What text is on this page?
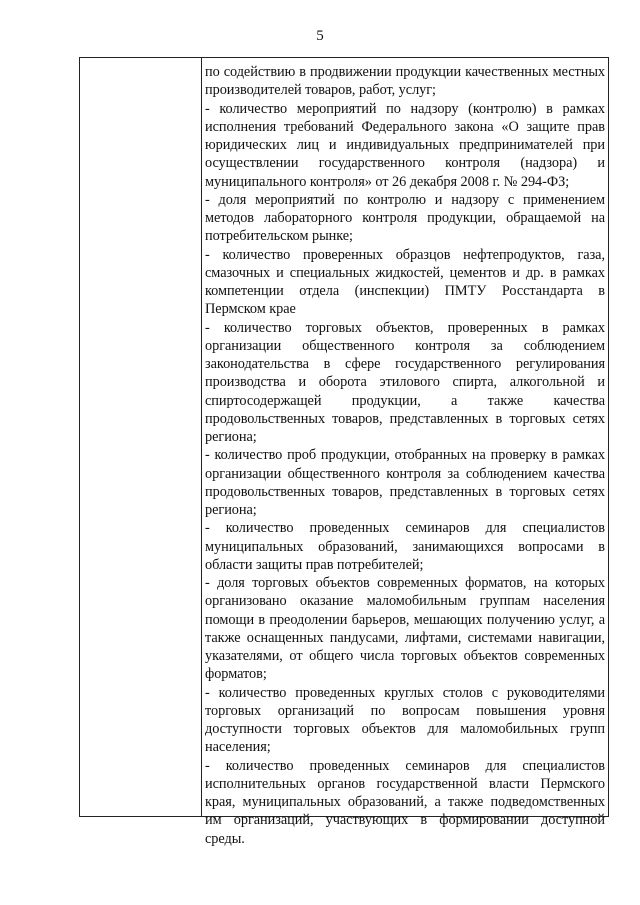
5

по содействию в продвижении продукции качественных местных производителей товаров, работ, услуг;

- количество мероприятий по надзору (контролю) в рамках исполнения требований Федерального закона «О защите прав юридических лиц и индивидуальных предпринимателей при осуществлении государственного контроля (надзора) и муниципального контроля» от 26 декабря 2008 г. № 294-ФЗ;

- доля мероприятий по контролю и надзору с применением методов лабораторного контроля продукции, обращаемой на потребительском рынке;

- количество проверенных образцов нефтепродуктов, газа, смазочных и специальных жидкостей, цементов и др. в рамках компетенции отдела (инспекции) ПМТУ Росстандарта в Пермском крае

- количество торговых объектов, проверенных в рамках организации общественного контроля за соблюдением законодательства в сфере государственного регулирования производства и оборота этилового спирта, алкогольной и спиртосодержащей продукции, а также качества продовольственных товаров, представленных в торговых сетях региона;

- количество проб продукции, отобранных на проверку в рамках организации общественного контроля за соблюдением качества продовольственных товаров, представленных в торговых сетях региона;

- количество проведенных семинаров для специалистов муниципальных образований, занимающихся вопросами в области защиты прав потребителей;

- доля торговых объектов современных форматов, на которых организовано оказание маломобильным группам населения помощи в преодолении барьеров, мешающих получению услуг, а также оснащенных пандусами, лифтами, системами навигации, указателями, от общего числа торговых объектов современных форматов;

- количество проведенных круглых столов с руководителями торговых организаций по вопросам повышения уровня доступности торговых объектов для маломобильных групп населения;

- количество проведенных семинаров для специалистов исполнительных органов государственной власти Пермского края, муниципальных образований, а также подведомственных им организаций, участвующих в формировании доступной среды.
